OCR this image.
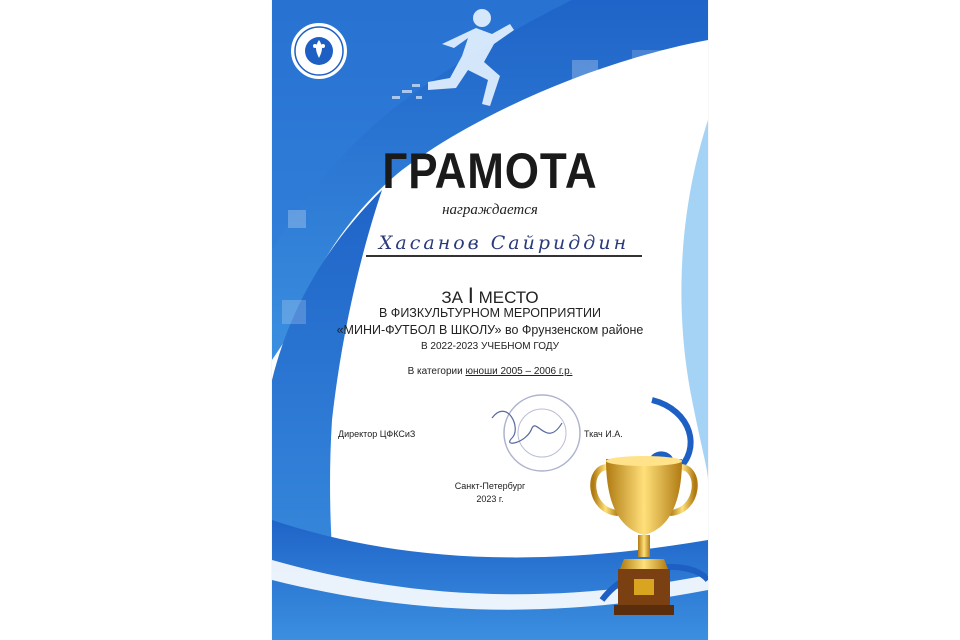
ГРАМОТА
награждается
Хасанов Сайриддин
ЗА I МЕСТО
В ФИЗКУЛЬТУРНОМ МЕРОПРИЯТИИ
«МИНИ-ФУТБОЛ В ШКОЛУ» во Фрунзенском районе
В 2022-2023 УЧЕБНОМ ГОДУ
В категории юноши 2005 – 2006 г.р.
Директор ЦФКСиЗ	Ткач И.А.
Санкт-Петербург
2023 г.
